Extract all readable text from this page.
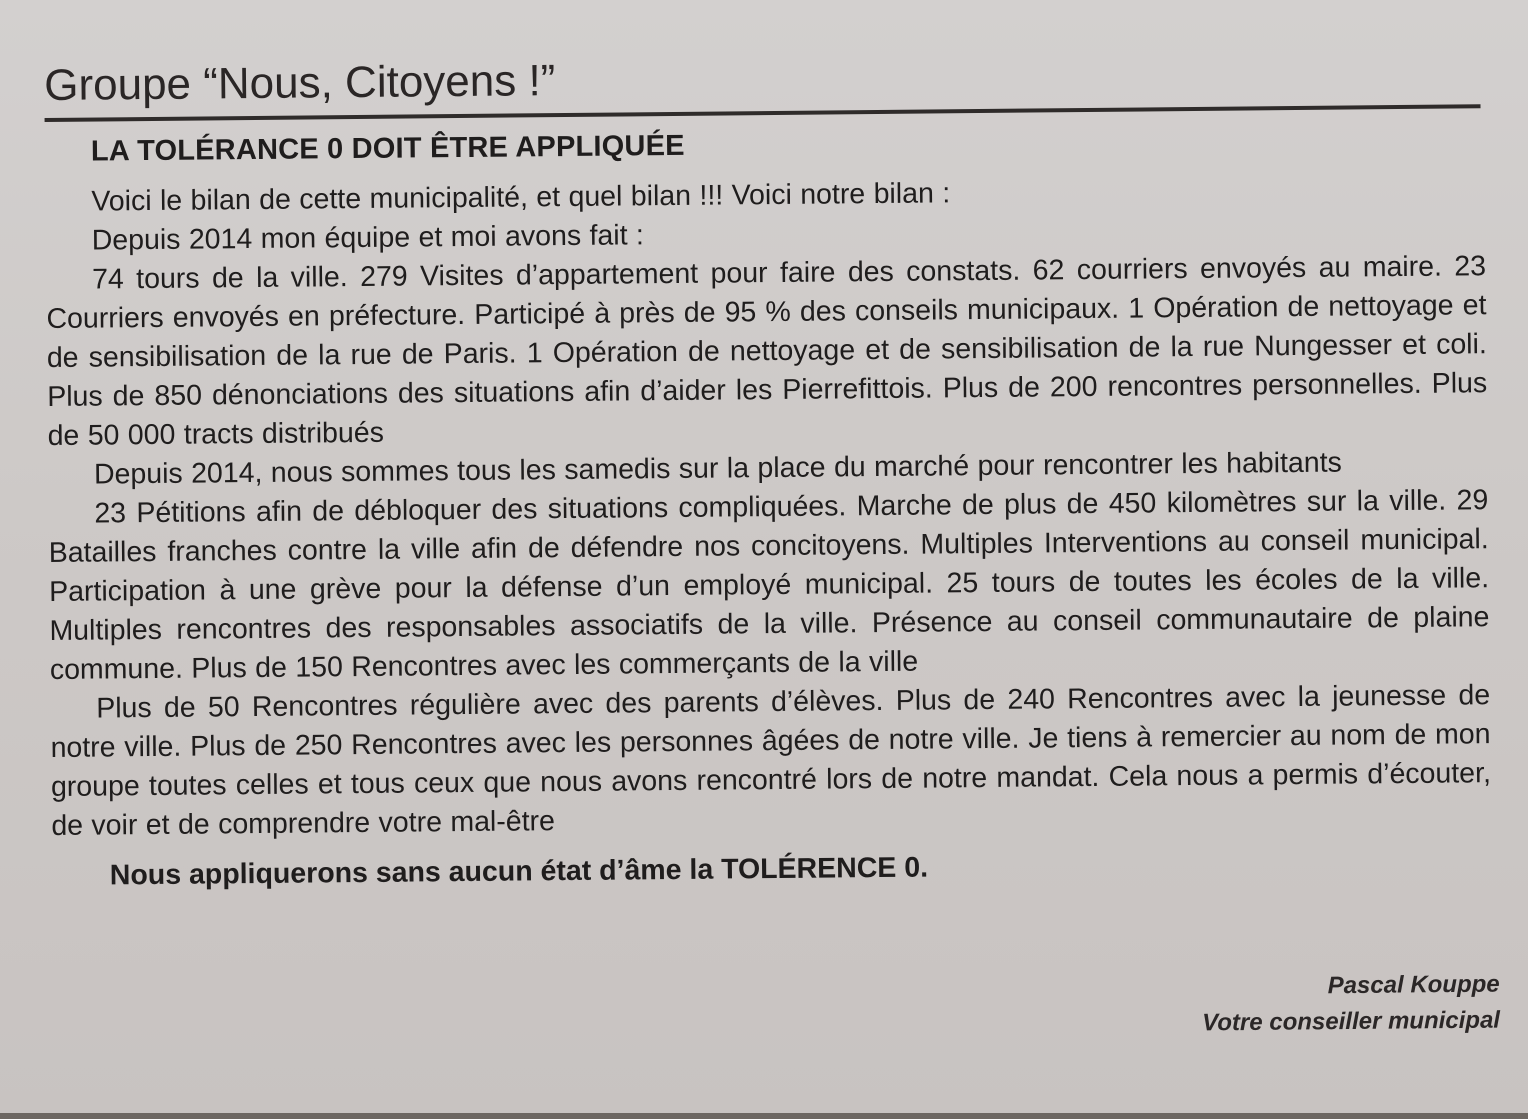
Groupe “Nous, Citoyens !”
LA TOLÉRANCE 0 DOIT ÊTRE APPLIQUÉE

Voici le bilan de cette municipalité, et quel bilan !!! Voici notre bilan :

Depuis 2014 mon équipe et moi avons fait :

74 tours de la ville. 279 Visites d’appartement pour faire des constats. 62 courriers envoyés au maire. 23 Courriers envoyés en préfecture. Participé à près de 95 % des conseils municipaux. 1 Opération de nettoyage et de sensibilisation de la rue de Paris. 1 Opération de nettoyage et de sensibilisation de la rue Nungesser et coli. Plus de 850 dénonciations des situations afin d’aider les Pierrefittois. Plus de 200 rencontres personnelles. Plus de 50 000 tracts distribués

Depuis 2014, nous sommes tous les samedis sur la place du marché pour rencontrer les habitants

23 Pétitions afin de débloquer des situations compliquées. Marche de plus de 450 kilomètres sur la ville. 29 Batailles franches contre la ville afin de défendre nos concitoyens. Multiples Interventions au conseil municipal. Participation à une grève pour la défense d’un employé municipal. 25 tours de toutes les écoles de la ville. Multiples rencontres des responsables associatifs de la ville. Présence au conseil communautaire de plaine commune. Plus de 150 Rencontres avec les commerçants de la ville

Plus de 50 Rencontres régulière avec des parents d’élèves. Plus de 240 Rencontres avec la jeunesse de notre ville. Plus de 250 Rencontres avec les personnes âgées de notre ville. Je tiens à remercier au nom de mon groupe toutes celles et tous ceux que nous avons rencontré lors de notre mandat. Cela nous a permis d’écouter, de voir et de comprendre votre mal-être

Nous appliquerons sans aucun état d’âme la TOLÉRENCE 0.
Pascal Kouppe
Votre conseiller municipal
